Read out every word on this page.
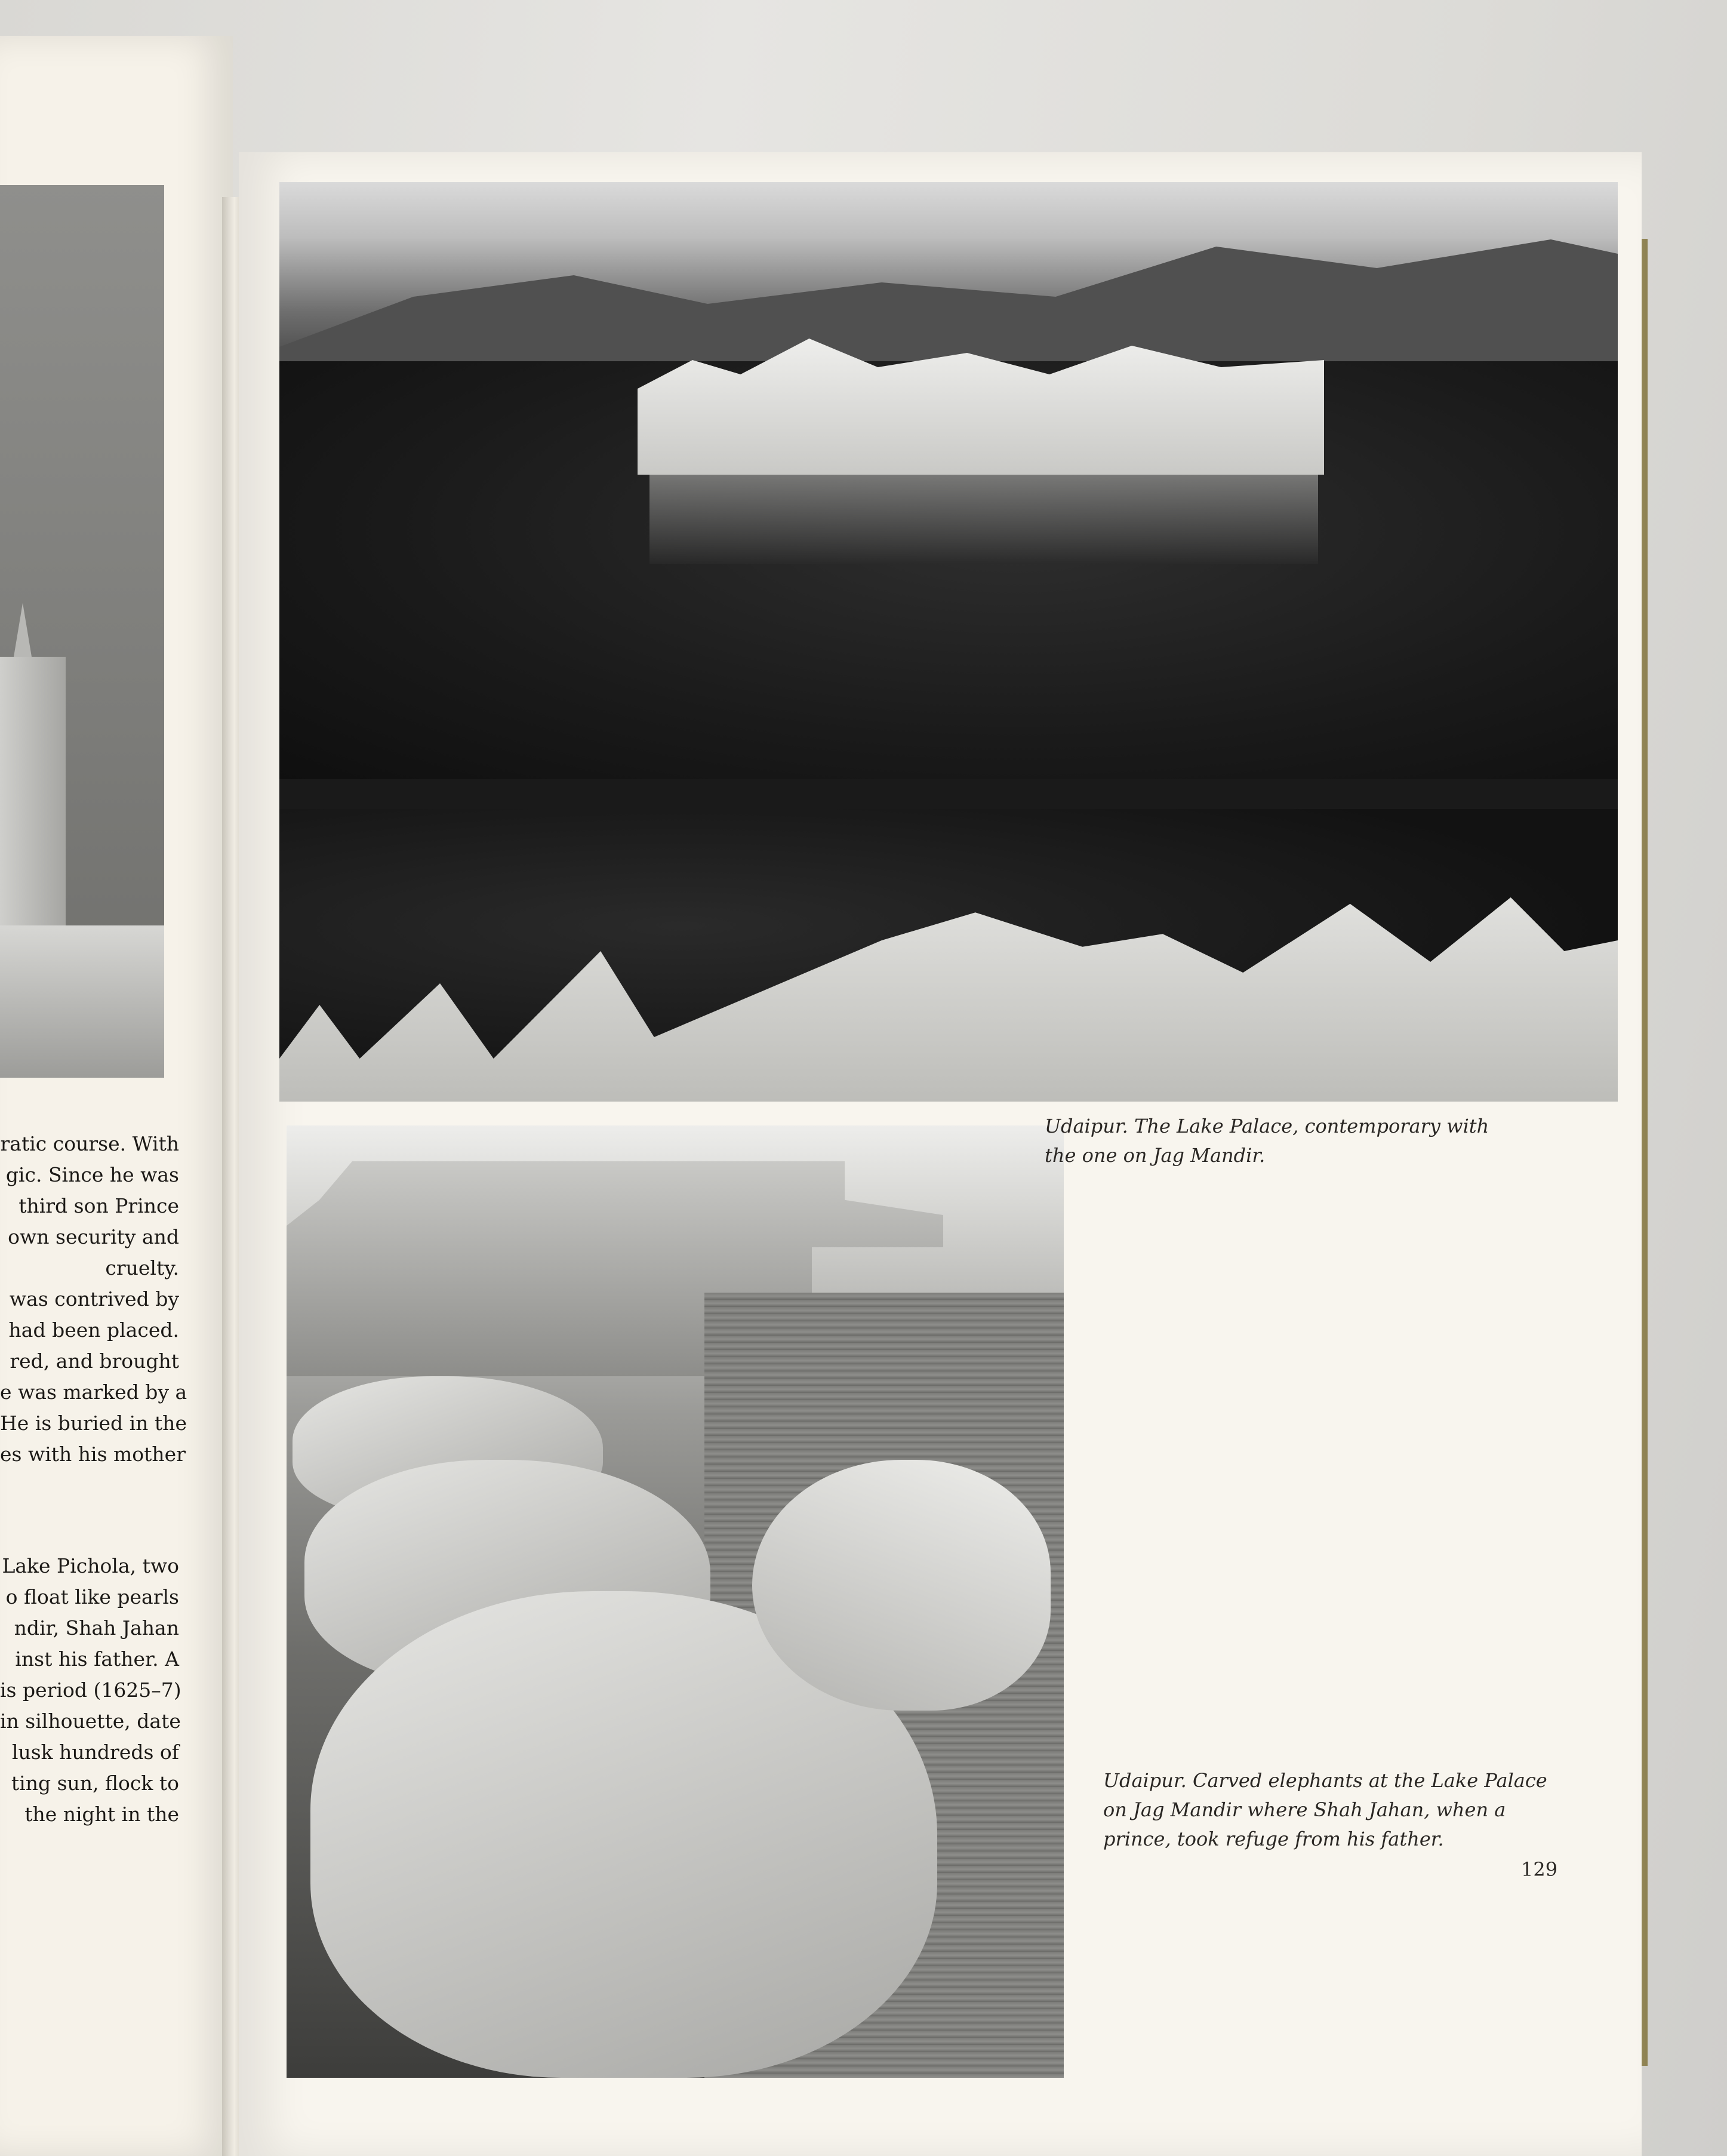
ratic course. With
gic. Since he was
third son Prince
own security and
cruelty.
was contrived by
had been placed.
red, and brought
e was marked by a
He is buried in the
es with his mother
Lake Pichola, two
o float like pearls
ndir, Shah Jahan
inst his father. A
is period (1625–7)
in silhouette, date
lusk hundreds of
ting sun, flock to
the night in the
Udaipur. The Lake Palace, contemporary with
the one on Jag Mandir.
Udaipur. Carved elephants at the Lake Palace
on Jag Mandir where Shah Jahan, when a
prince, took refuge from his father.
129
